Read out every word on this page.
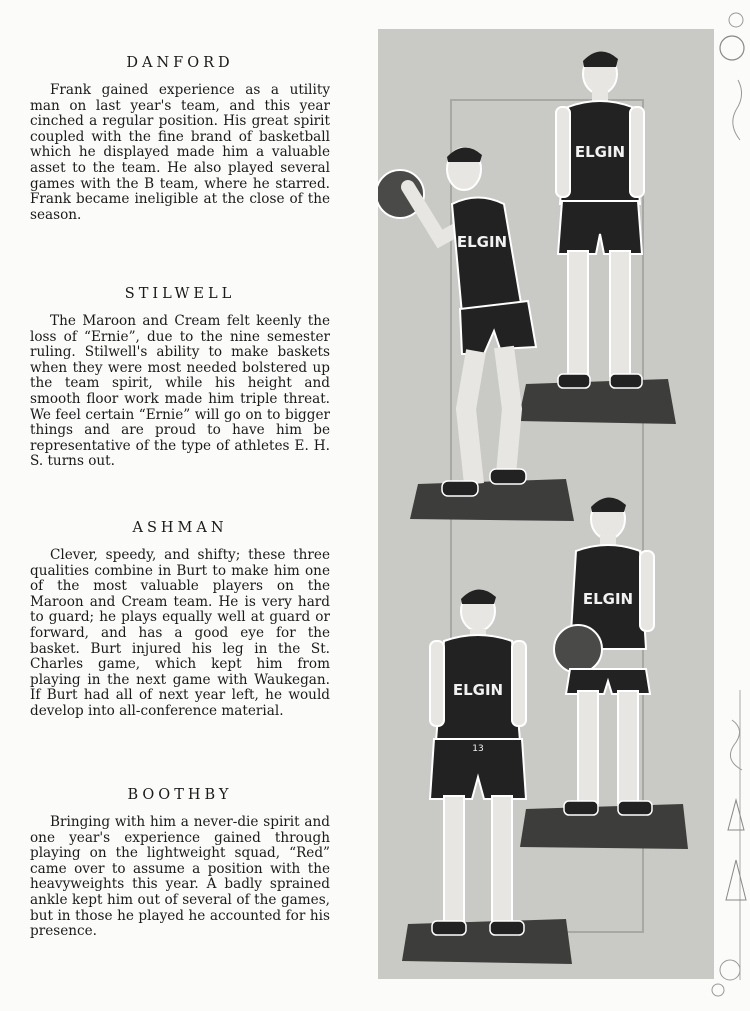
DANFORD

Frank gained experience as a utility man on last year's team, and this year cinched a regular position. His great spirit coupled with the fine brand of basketball which he displayed made him a valuable asset to the team. He also played several games with the B team, where he starred. Frank became ineligible at the close of the season.

STILWELL

The Maroon and Cream felt keenly the loss of “Ernie”, due to the nine semester ruling. Stilwell's ability to make baskets when they were most needed bolstered up the team spirit, while his height and smooth floor work made him triple threat. We feel certain “Ernie” will go on to bigger things and are proud to have him be representative of the type of athletes E. H. S. turns out.

ASHMAN

Clever, speedy, and shifty; these three qualities combine in Burt to make him one of the most valuable players on the Maroon and Cream team. He is very hard to guard; he plays equally well at guard or forward, and has a good eye for the basket. Burt injured his leg in the St. Charles game, which kept him from playing in the next game with Waukegan. If Burt had all of next year left, he would develop into all-conference material.

BOOTHBY

Bringing with him a never-die spirit and one year's experience gained through playing on the lightweight squad, “Red” came over to assume a position with the heavyweights this year. A badly sprained ankle kept him out of several of the games, but in those he played he accounted for his presence.

ELGIN
ELGIN
ELGIN
ELGIN
13
